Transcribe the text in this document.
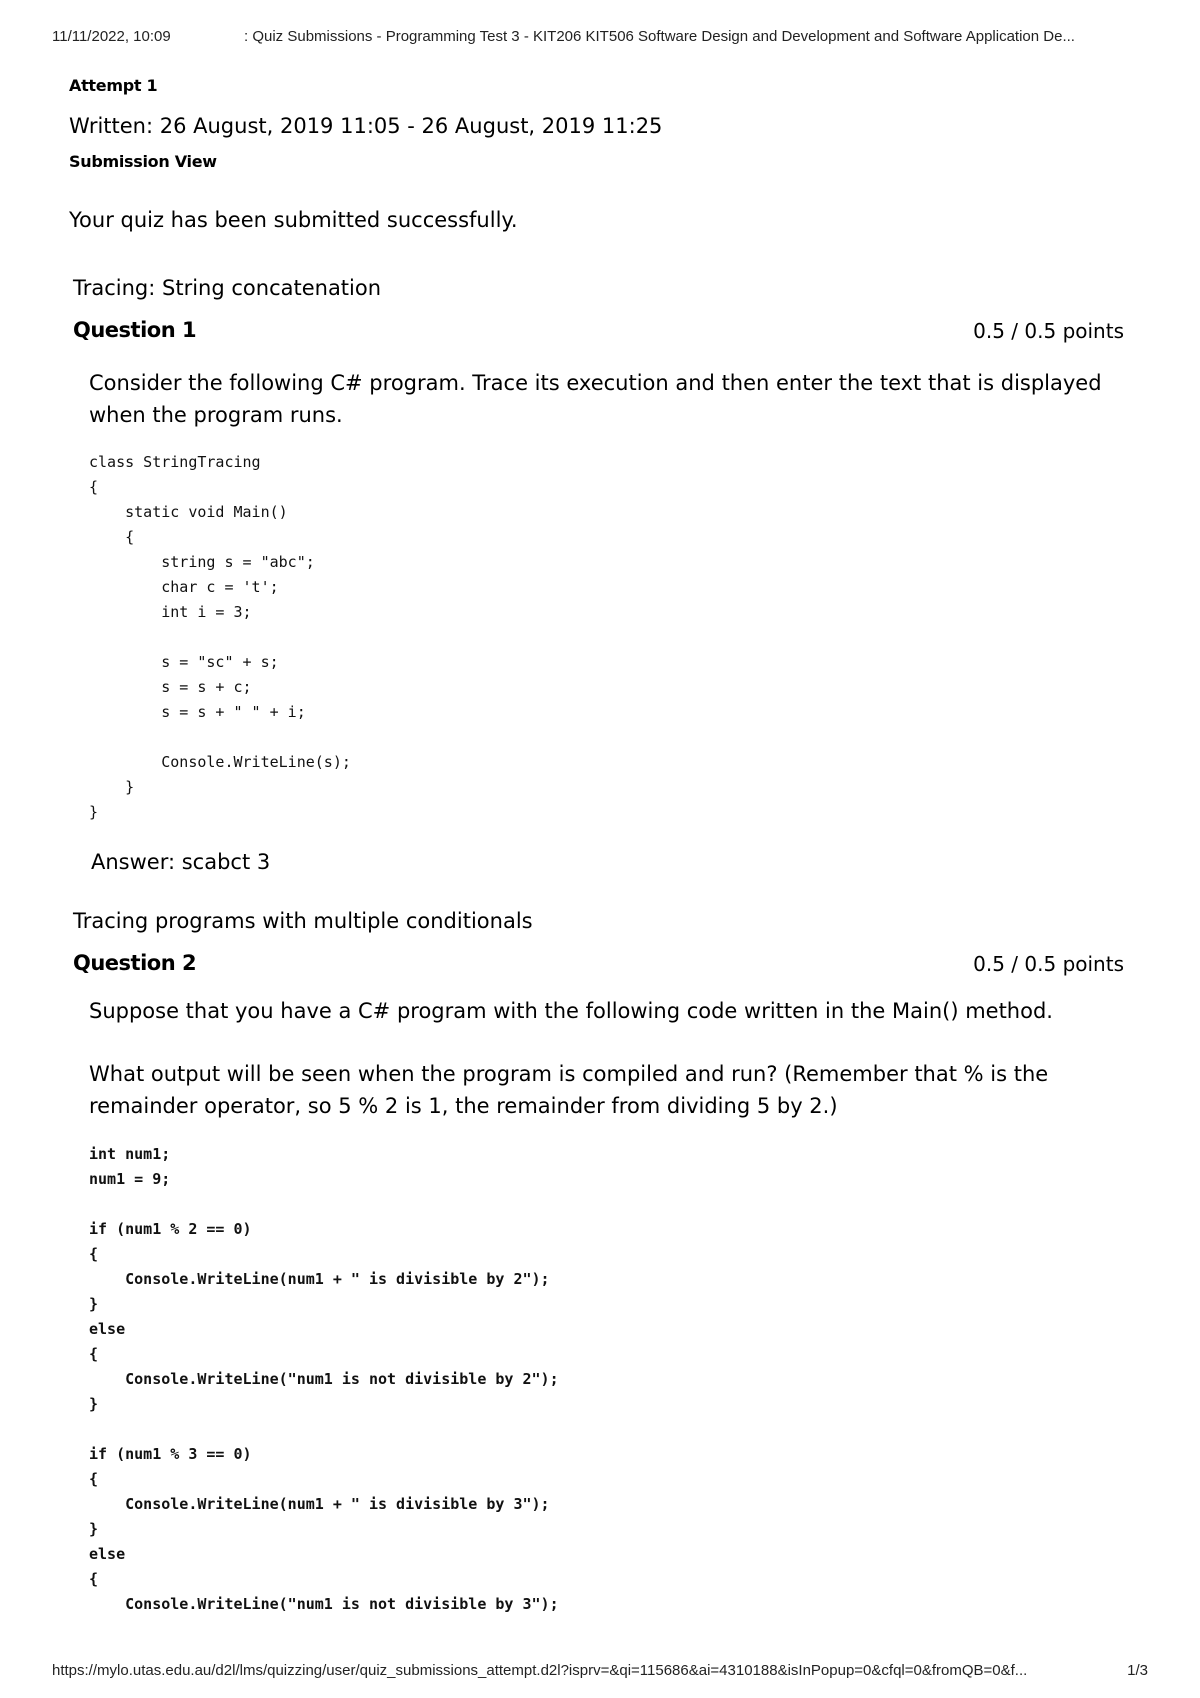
11/11/2022, 10:09	: Quiz Submissions - Programming Test 3 - KIT206 KIT506 Software Design and Development and Software Application De...
Attempt 1
Written: 26 August, 2019 11:05 - 26 August, 2019 11:25
Submission View
Your quiz has been submitted successfully.
Tracing: String concatenation
Question 1	0.5 / 0.5 points
Consider the following C# program. Trace its execution and then enter the text that is displayed when the program runs.
class StringTracing
{
static void Main()
{
string s = "abc";
char c = 't';
int i = 3;

s = "sc" + s;
s = s + c;
s = s + " " + i;

Console.WriteLine(s);
}
}
Answer: scabct 3
Tracing programs with multiple conditionals
Question 2	0.5 / 0.5 points
Suppose that you have a C# program with the following code written in the Main() method.
What output will be seen when the program is compiled and run? (Remember that % is the remainder operator, so 5 % 2 is 1, the remainder from dividing 5 by 2.)
int num1;
num1 = 9;

if (num1 % 2 == 0)
{
Console.WriteLine(num1 + " is divisible by 2");
}
else
{
Console.WriteLine("num1 is not divisible by 2");
}

if (num1 % 3 == 0)
{
Console.WriteLine(num1 + " is divisible by 3");
}
else
{
Console.WriteLine("num1 is not divisible by 3");
https://mylo.utas.edu.au/d2l/lms/quizzing/user/quiz_submissions_attempt.d2l?isprv=&qi=115686&ai=4310188&isInPopup=0&cfql=0&fromQB=0&f...	1/3
